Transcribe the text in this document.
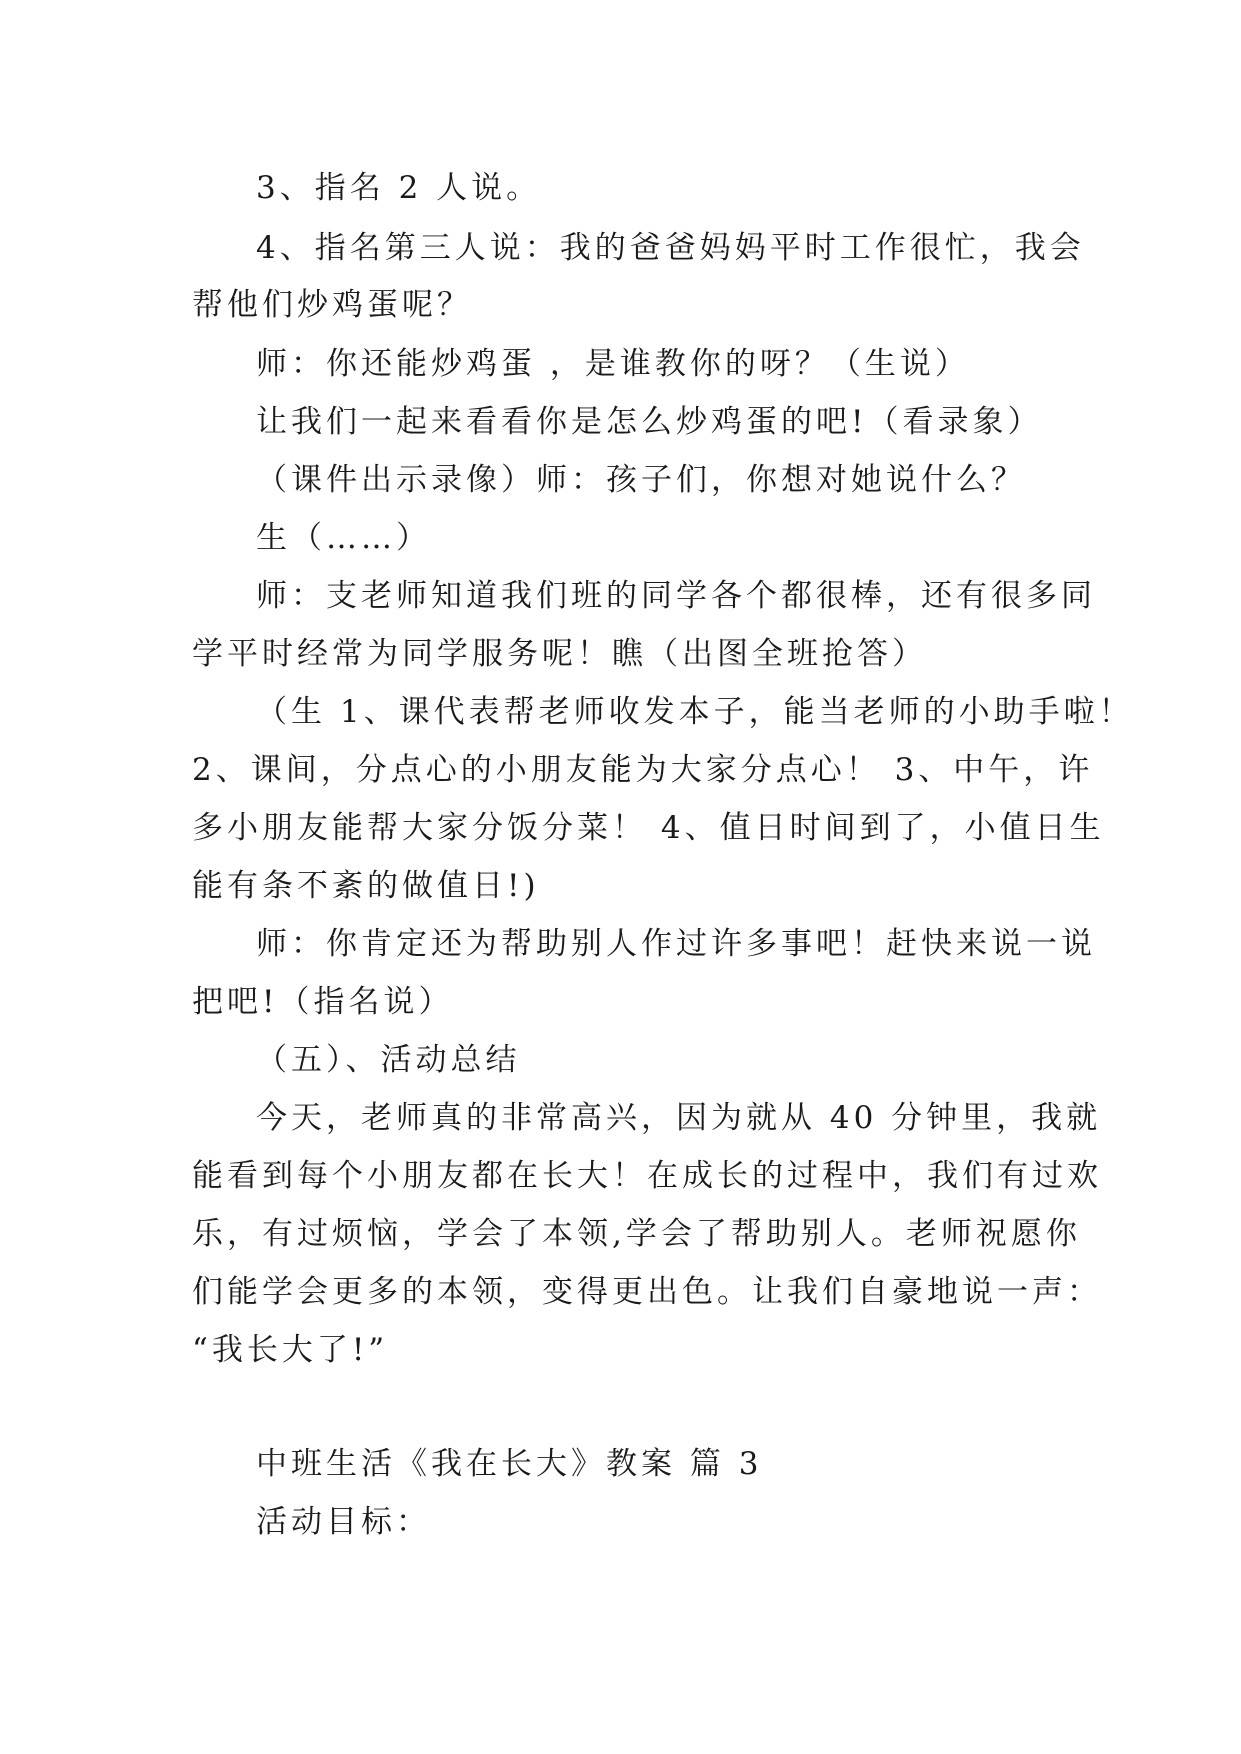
3、指名 2 人说。
4、指名第三人说：我的爸爸妈妈平时工作很忙，我会
帮他们炒鸡蛋呢？
师：你还能炒鸡蛋 ，是谁教你的呀？（生说）
让我们一起来看看你是怎么炒鸡蛋的吧!（看录象）
（课件出示录像）师：孩子们，你想对她说什么？
生（……）
师：支老师知道我们班的同学各个都很棒，还有很多同
学平时经常为同学服务呢！瞧（出图全班抢答）
（生 1、课代表帮老师收发本子，能当老师的小助手啦！
2、课间，分点心的小朋友能为大家分点心！ 3、中午，许
多小朋友能帮大家分饭分菜！ 4、值日时间到了，小值日生
能有条不紊的做值日!)
师：你肯定还为帮助别人作过许多事吧！赶快来说一说
把吧!（指名说）
（五）、活动总结
今天，老师真的非常高兴，因为就从 40 分钟里，我就
能看到每个小朋友都在长大！在成长的过程中，我们有过欢
乐，有过烦恼，学会了本领,学会了帮助别人。老师祝愿你
们能学会更多的本领，变得更出色。让我们自豪地说一声：
“我长大了!”
中班生活《我在长大》教案 篇 3
活动目标：
